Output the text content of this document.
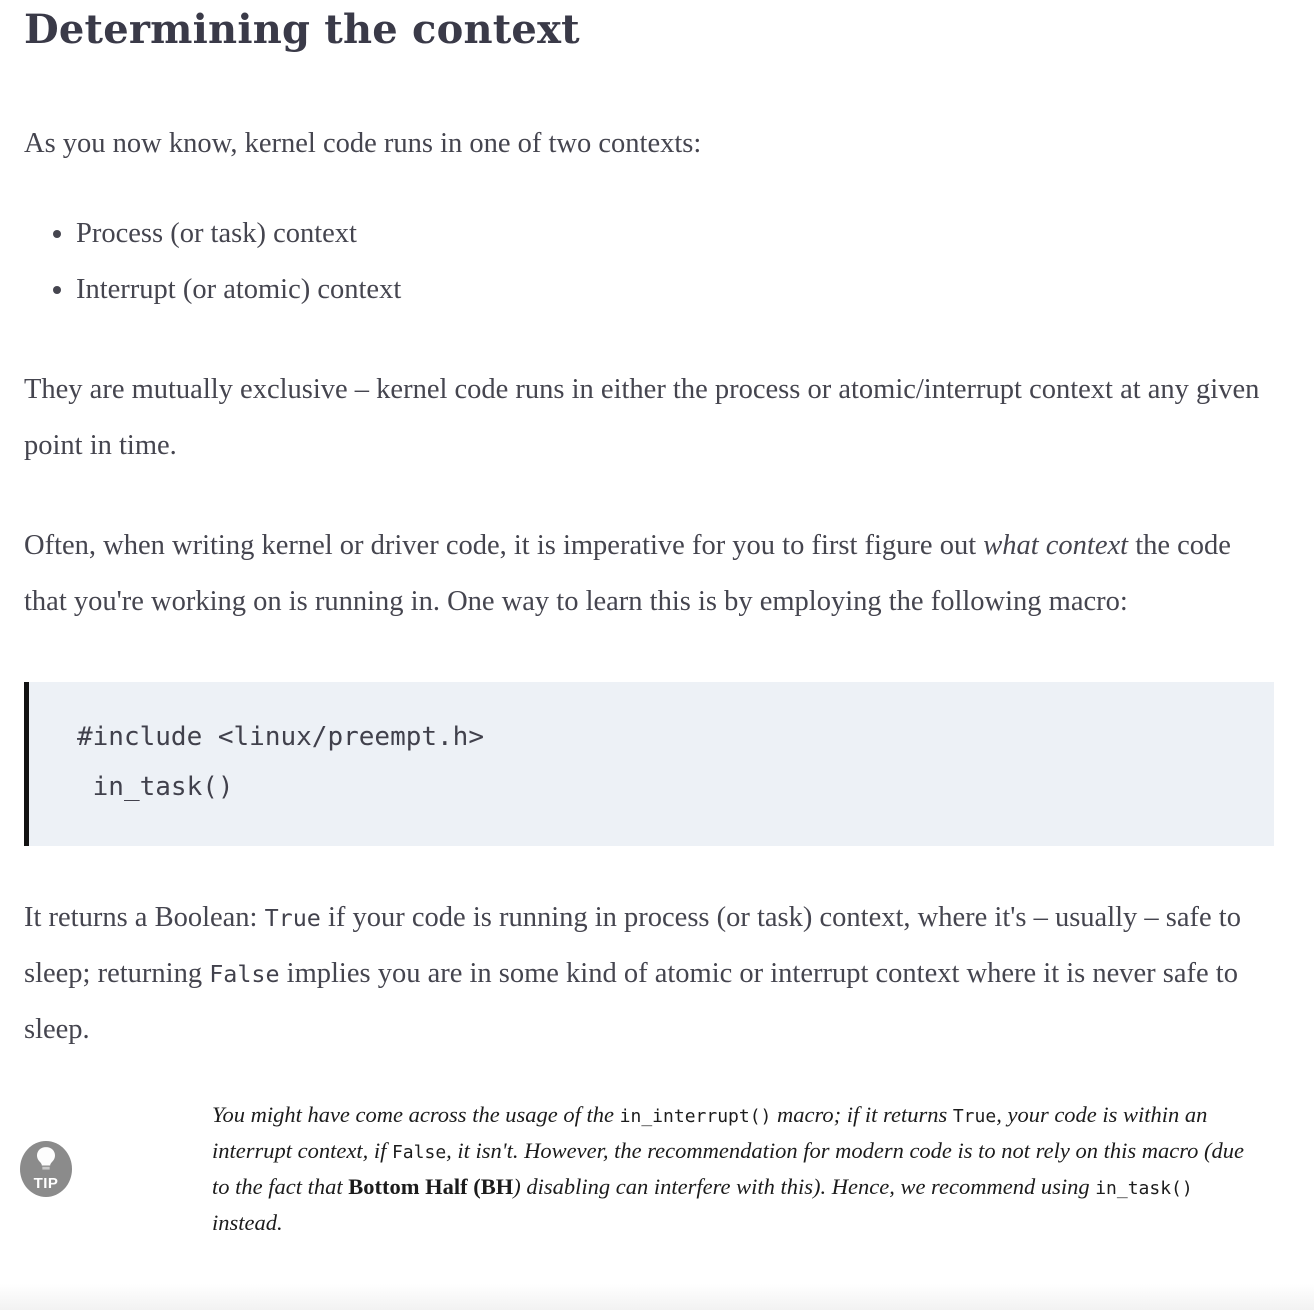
Determining the context

As you now know, kernel code runs in one of two contexts:

• Process (or task) context
• Interrupt (or atomic) context

They are mutually exclusive – kernel code runs in either the process or atomic/interrupt context at any given point in time.

Often, when writing kernel or driver code, it is imperative for you to first figure out what context the code that you're working on is running in. One way to learn this is by employing the following macro:

#include <linux/preempt.h>
in_task()

It returns a Boolean: True if your code is running in process (or task) context, where it's – usually – safe to sleep; returning False implies you are in some kind of atomic or interrupt context where it is never safe to sleep.

TIP
You might have come across the usage of the in_interrupt() macro; if it returns True, your code is within an interrupt context, if False, it isn't. However, the recommendation for modern code is to not rely on this macro (due to the fact that Bottom Half (BH) disabling can interfere with this). Hence, we recommend using in_task() instead.
